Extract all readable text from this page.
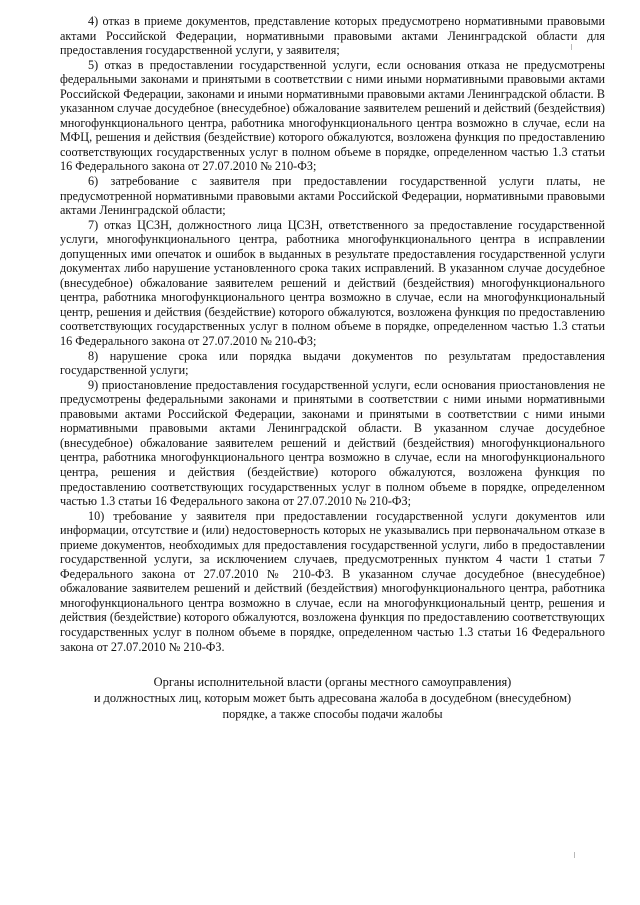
4) отказ в приеме документов, представление которых предусмотрено нормативными правовыми актами Российской Федерации, нормативными правовыми актами Ленинградской области для предоставления государственной услуги, у заявителя;

5) отказ в предоставлении государственной услуги, если основания отказа не предусмотрены федеральными законами и принятыми в соответствии с ними иными нормативными правовыми актами Российской Федерации, законами и иными нормативными правовыми актами Ленинградской области. В указанном случае досудебное (внесудебное) обжалование заявителем решений и действий (бездействия) многофункционального центра, работника многофункционального центра возможно в случае, если на МФЦ, решения и действия (бездействие) которого обжалуются, возложена функция по предоставлению соответствующих государственных услуг в полном объеме в порядке, определенном частью 1.3 статьи 16 Федерального закона от 27.07.2010 № 210-ФЗ;

6) затребование с заявителя при предоставлении государственной услуги платы, не предусмотренной нормативными правовыми актами Российской Федерации, нормативными правовыми актами Ленинградской области;

7) отказ ЦСЗН, должностного лица ЦСЗН, ответственного за предоставление государственной услуги, многофункционального центра, работника многофункционального центра в исправлении допущенных ими опечаток и ошибок в выданных в результате предоставления государственной услуги документах либо нарушение установленного срока таких исправлений. В указанном случае досудебное (внесудебное) обжалование заявителем решений и действий (бездействия) многофункционального центра, работника многофункционального центра возможно в случае, если на многофункциональный центр, решения и действия (бездействие) которого обжалуются, возложена функция по предоставлению соответствующих государственных услуг в полном объеме в порядке, определенном частью 1.3 статьи 16 Федерального закона от 27.07.2010 № 210-ФЗ;

8) нарушение срока или порядка выдачи документов по результатам предоставления государственной услуги;

9) приостановление предоставления государственной услуги, если основания приостановления не предусмотрены федеральными законами и принятыми в соответствии с ними иными нормативными правовыми актами Российской Федерации, законами и принятыми в соответствии с ними иными нормативными правовыми актами Ленинградской области. В указанном случае досудебное (внесудебное) обжалование заявителем решений и действий (бездействия) многофункционального центра, работника многофункционального центра возможно в случае, если на многофункционального центра, решения и действия (бездействие) которого обжалуются, возложена функция по предоставлению соответствующих государственных услуг в полном объеме в порядке, определенном частью 1.3 статьи 16 Федерального закона от 27.07.2010 № 210-ФЗ;

10) требование у заявителя при предоставлении государственной услуги документов или информации, отсутствие и (или) недостоверность которых не указывались при первоначальном отказе в приеме документов, необходимых для предоставления государственной услуги, либо в предоставлении государственной услуги, за исключением случаев, предусмотренных пунктом 4 части 1 статьи 7 Федерального закона от 27.07.2010 № 210-ФЗ. В указанном случае досудебное (внесудебное) обжалование заявителем решений и действий (бездействия) многофункционального центра, работника многофункционального центра возможно в случае, если на многофункциональный центр, решения и действия (бездействие) которого обжалуются, возложена функция по предоставлению соответствующих государственных услуг в полном объеме в порядке, определенном частью 1.3 статьи 16 Федерального закона от 27.07.2010 № 210-ФЗ.

Органы исполнительной власти (органы местного самоуправления)
и должностных лиц, которым может быть адресована жалоба в досудебном (внесудебном)
порядке, а также способы подачи жалобы
